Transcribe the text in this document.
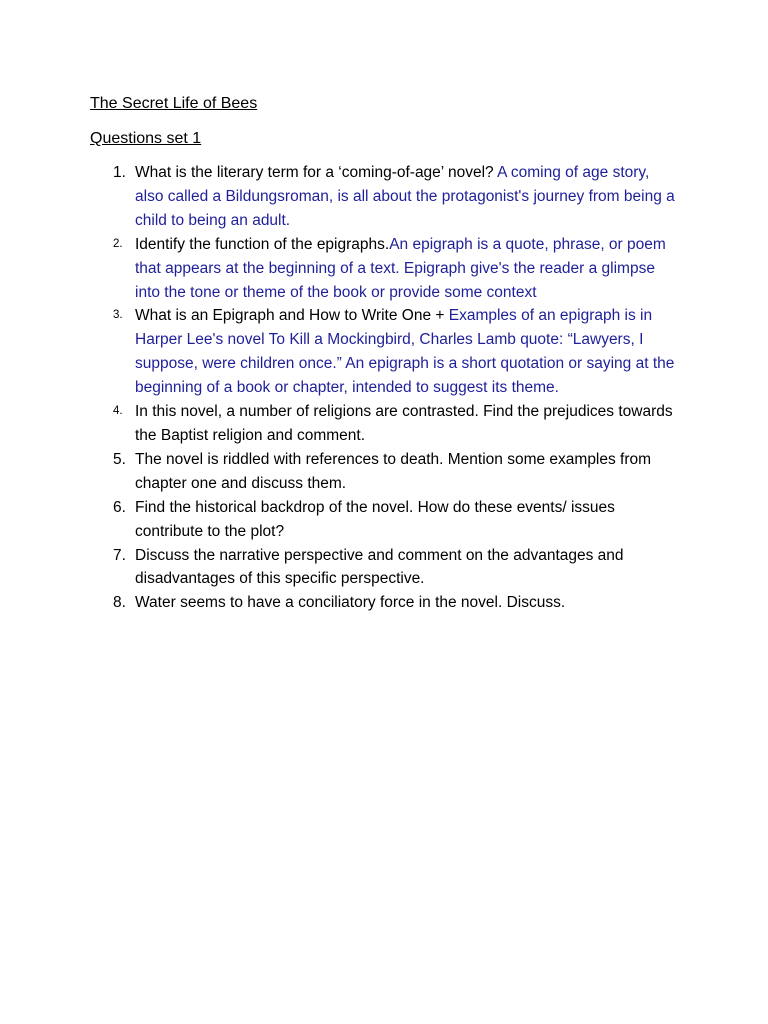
The Secret Life of Bees
Questions set 1
1. What is the literary term for a ‘coming-of-age’ novel? A coming of age story, also called a Bildungsroman, is all about the protagonist's journey from being a child to being an adult.
2. Identify the function of the epigraphs.An epigraph is a quote, phrase, or poem that appears at the beginning of a text. Epigraph give's the reader a glimpse into the tone or theme of the book or provide some context
3. What is an Epigraph and How to Write One + Examples of an epigraph is in Harper Lee's novel To Kill a Mockingbird, Charles Lamb quote: “Lawyers, I suppose, were children once.” An epigraph is a short quotation or saying at the beginning of a book or chapter, intended to suggest its theme.
4. In this novel, a number of religions are contrasted. Find the prejudices towards the Baptist religion and comment.
5. The novel is riddled with references to death. Mention some examples from chapter one and discuss them.
6. Find the historical backdrop of the novel. How do these events/ issues contribute to the plot?
7. Discuss the narrative perspective and comment on the advantages and disadvantages of this specific perspective.
8. Water seems to have a conciliatory force in the novel. Discuss.
